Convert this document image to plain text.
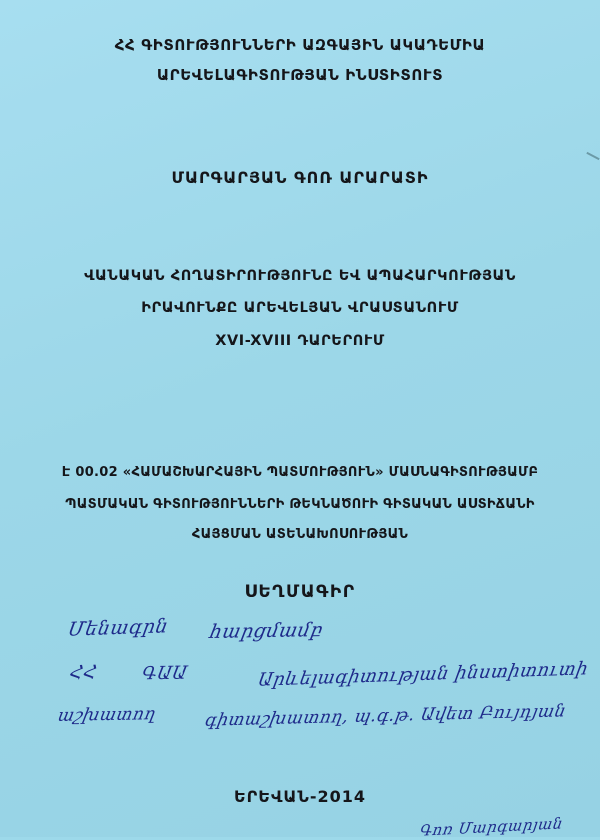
ՀՀ ԳԻՏՈՒԹՅՈՒՆՆԵՐԻ ԱԶԳԱՅԻՆ ԱԿԱԴԵՄԻԱ
ԱՐԵՎԵԼԱԳԻՏՈՒԹՅԱՆ ԻՆՍՏԻՏՈՒՏ
ՄԱՐԳԱՐՅԱՆ ԳՈՌ ԱՐԱՐԱՏԻ
ՎԱՆԱԿԱՆ ՀՈՂԱՏԻՐՈՒԹՅՈՒՆԸ ԵՎ ԱՊԱՀԱՐԿՈՒԹՅԱՆ
ԻՐԱՎՈՒՆՔԸ ԱՐԵՎԵԼՅԱՆ ՎՐԱՍՏԱՆՈՒՄ
XVI-XVIII ԴԱՐԵՐՈՒՄ
Է 00.02 «ՀԱՄԱՇԽԱՐՀԱՅԻՆ ՊԱՏՄՈՒԹՅՈՒՆ» ՄԱՍՆԱԳԻՏՈՒԹՅԱՄԲ
ՊԱՏՄԱԿԱՆ ԳԻՏՈՒԹՅՈՒՆՆԵՐԻ ԹԵԿՆԱԾՈՒԻ ԳԻՏԱԿԱՆ ԱՍՏԻՃԱՆԻ
ՀԱՅՑՄԱՆ ԱՏԵՆԱԽՈՍՈՒԹՅԱՆ
ՍԵՂՄԱԳԻՐ
Մենագրն հարցմամբ
ՀՀ ԳԱԱ	Արևելագիտության ինստիտուտի
աշխատող	գիտաշխատող, պ.գ.թ. Ավետ Բույդյան
ԵՐԵՎԱՆ-2014
Գոռ Մարգարյան
